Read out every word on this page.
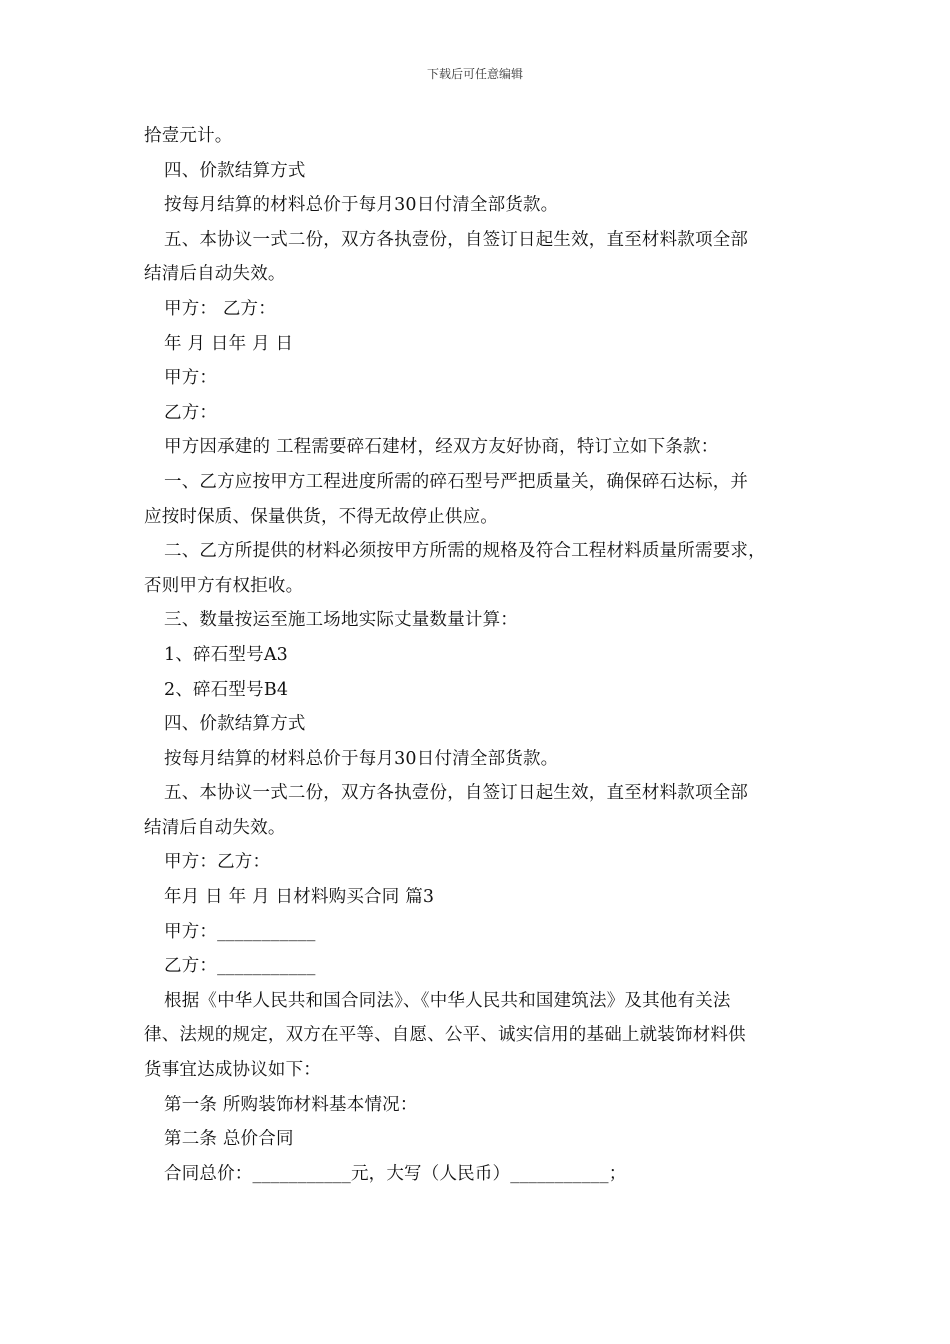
下载后可任意编辑
拾壹元计。
四、价款结算方式
按每月结算的材料总价于每月30日付清全部货款。
五、本协议一式二份，双方各执壹份，自签订日起生效，直至材料款项全部
结清后自动失效。
甲方： 乙方：
年 月 日年 月 日
甲方：
乙方：
甲方因承建的 工程需要碎石建材，经双方友好协商，特订立如下条款：
一、乙方应按甲方工程进度所需的碎石型号严把质量关，确保碎石达标，并
应按时保质、保量供货，不得无故停止供应。
二、乙方所提供的材料必须按甲方所需的规格及符合工程材料质量所需要求，
否则甲方有权拒收。
三、数量按运至施工场地实际丈量数量计算：
1、碎石型号A3
2、碎石型号B4
四、价款结算方式
按每月结算的材料总价于每月30日付清全部货款。
五、本协议一式二份，双方各执壹份，自签订日起生效，直至材料款项全部
结清后自动失效。
甲方：乙方：
年月 日 年 月 日材料购买合同 篇3
甲方：___________
乙方：___________
根据《中华人民共和国合同法》、《中华人民共和国建筑法》及其他有关法
律、法规的规定，双方在平等、自愿、公平、诚实信用的基础上就装饰材料供
货事宜达成协议如下：
第一条 所购装饰材料基本情况：
第二条 总价合同
合同总价：___________元，大写（人民币）___________；
